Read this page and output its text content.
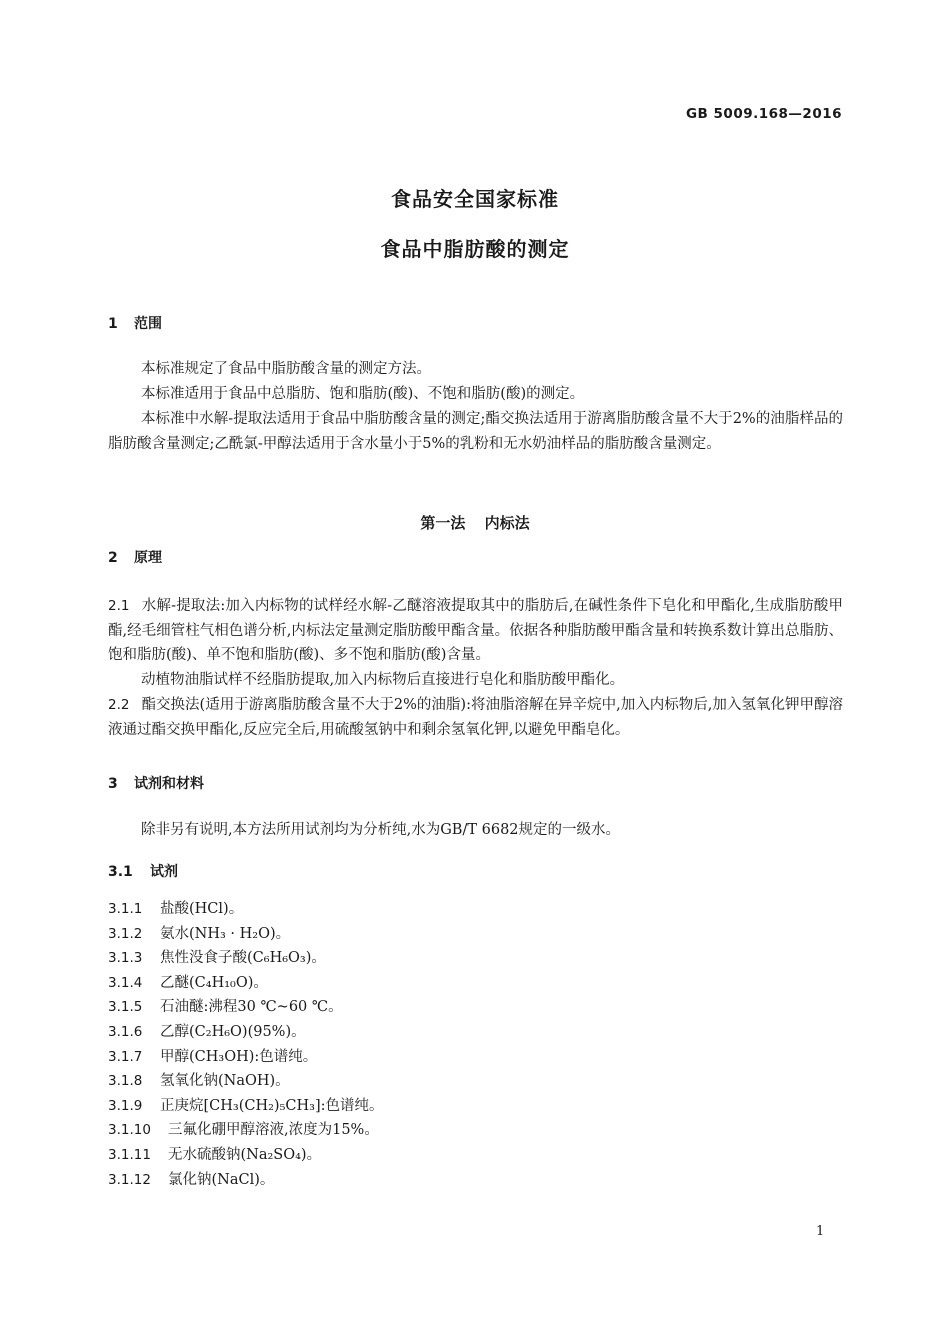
GB 5009.168—2016
食品安全国家标准
食品中脂肪酸的测定
1 范围
本标准规定了食品中脂肪酸含量的测定方法。
本标准适用于食品中总脂肪、饱和脂肪(酸)、不饱和脂肪(酸)的测定。
本标准中水解-提取法适用于食品中脂肪酸含量的测定;酯交换法适用于游离脂肪酸含量不大于2%的油脂样品的脂肪酸含量测定;乙酰氯-甲醇法适用于含水量小于5%的乳粉和无水奶油样品的脂肪酸含量测定。
第一法 内标法
2 原理
2.1 水解-提取法:加入内标物的试样经水解-乙醚溶液提取其中的脂肪后,在碱性条件下皂化和甲酯化,生成脂肪酸甲酯,经毛细管柱气相色谱分析,内标法定量测定脂肪酸甲酯含量。依据各种脂肪酸甲酯含量和转换系数计算出总脂肪、饱和脂肪(酸)、单不饱和脂肪(酸)、多不饱和脂肪(酸)含量。
动植物油脂试样不经脂肪提取,加入内标物后直接进行皂化和脂肪酸甲酯化。
2.2 酯交换法(适用于游离脂肪酸含量不大于2%的油脂):将油脂溶解在异辛烷中,加入内标物后,加入氢氧化钾甲醇溶液通过酯交换甲酯化,反应完全后,用硫酸氢钠中和剩余氢氧化钾,以避免甲酯皂化。
3 试剂和材料
除非另有说明,本方法所用试剂均为分析纯,水为GB/T 6682规定的一级水。
3.1 试剂
3.1.1 盐酸(HCl)。
3.1.2 氨水(NH₃ · H₂O)。
3.1.3 焦性没食子酸(C₆H₆O₃)。
3.1.4 乙醚(C₄H₁₀O)。
3.1.5 石油醚:沸程30 ℃~60 ℃。
3.1.6 乙醇(C₂H₆O)(95%)。
3.1.7 甲醇(CH₃OH):色谱纯。
3.1.8 氢氧化钠(NaOH)。
3.1.9 正庚烷[CH₃(CH₂)₅CH₃]:色谱纯。
3.1.10 三氟化硼甲醇溶液,浓度为15%。
3.1.11 无水硫酸钠(Na₂SO₄)。
3.1.12 氯化钠(NaCl)。
1
